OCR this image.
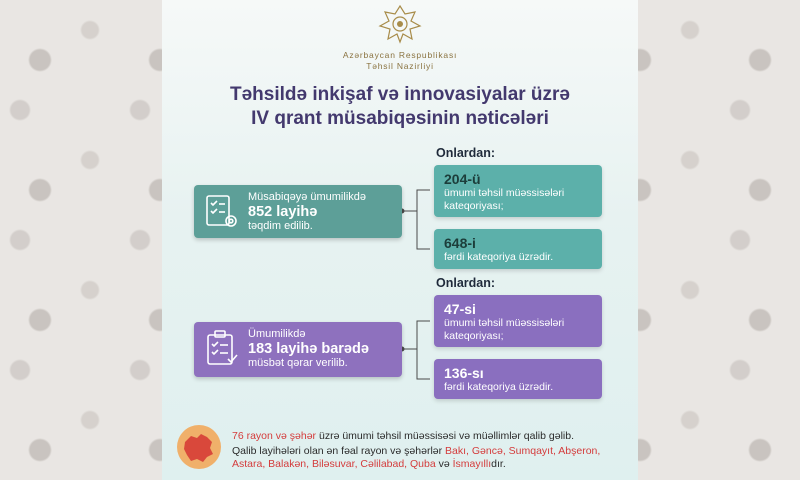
Azərbaycan Respublikası
Təhsil Nazirliyi
Təhsildə inkişaf və innovasiyalar üzrə
IV qrant müsabiqəsinin nəticələri
Onlardan:
Müsabiqəyə ümumilikdə
852 layihə
təqdim edilib.
204-ü
ümumi təhsil müəssisələri
kateqoriyası;
648-i
fərdi kateqoriya üzrədir.
Onlardan:
Ümumilikdə
183 layihə barədə
müsbət qərar verilib.
47-si
ümumi təhsil müəssisələri
kateqoriyası;
136-sı
fərdi kateqoriya üzrədir.
76 rayon və şəhər üzrə ümumi təhsil müəssisəsi və müəllimlər qalib gəlib.
Qalib layihələri olan ən fəal rayon və şəhərlər Bakı, Gəncə, Sumqayıt, Abşeron, Astara, Balakən, Biləsuvar, Cəlilabad, Quba və İsmayıllıdır.
